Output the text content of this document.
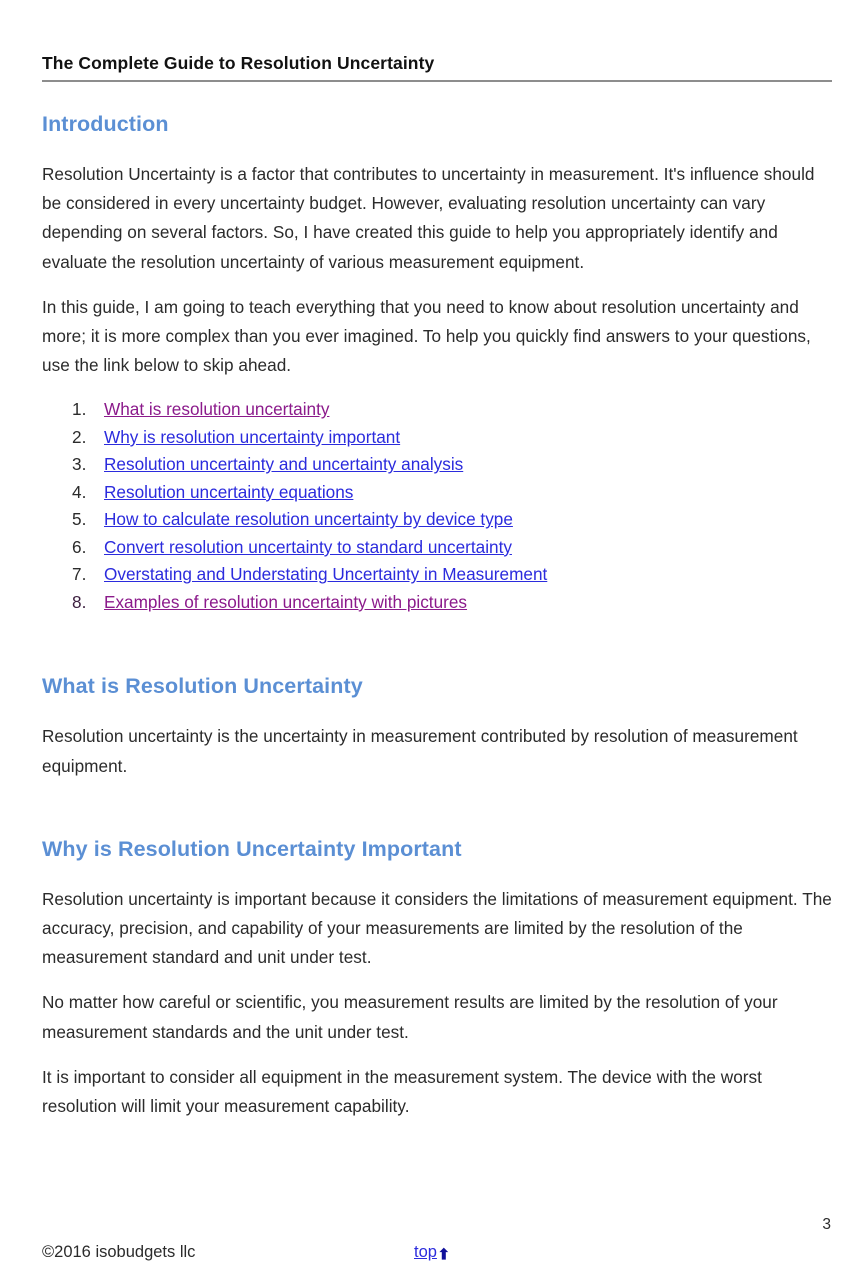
The Complete Guide to Resolution Uncertainty
Introduction

Resolution Uncertainty is a factor that contributes to uncertainty in measurement. It's influence should be considered in every uncertainty budget. However, evaluating resolution uncertainty can vary depending on several factors. So, I have created this guide to help you appropriately identify and evaluate the resolution uncertainty of various measurement equipment.

In this guide, I am going to teach everything that you need to know about resolution uncertainty and more; it is more complex than you ever imagined. To help you quickly find answers to your questions, use the link below to skip ahead.

What is resolution uncertainty
Why is resolution uncertainty important
Resolution uncertainty and uncertainty analysis
Resolution uncertainty equations
How to calculate resolution uncertainty by device type
Convert resolution uncertainty to standard uncertainty
Overstating and Understating Uncertainty in Measurement
Examples of resolution uncertainty with pictures
What is Resolution Uncertainty

Resolution uncertainty is the uncertainty in measurement contributed by resolution of measurement equipment.

Why is Resolution Uncertainty Important

Resolution uncertainty is important because it considers the limitations of measurement equipment. The accuracy, precision, and capability of your measurements are limited by the resolution of the measurement standard and unit under test.

No matter how careful or scientific, you measurement results are limited by the resolution of your measurement standards and the unit under test.

It is important to consider all equipment in the measurement system. The device with the worst resolution will limit your measurement capability.

3
©2016 isobudgets llc	top➡
